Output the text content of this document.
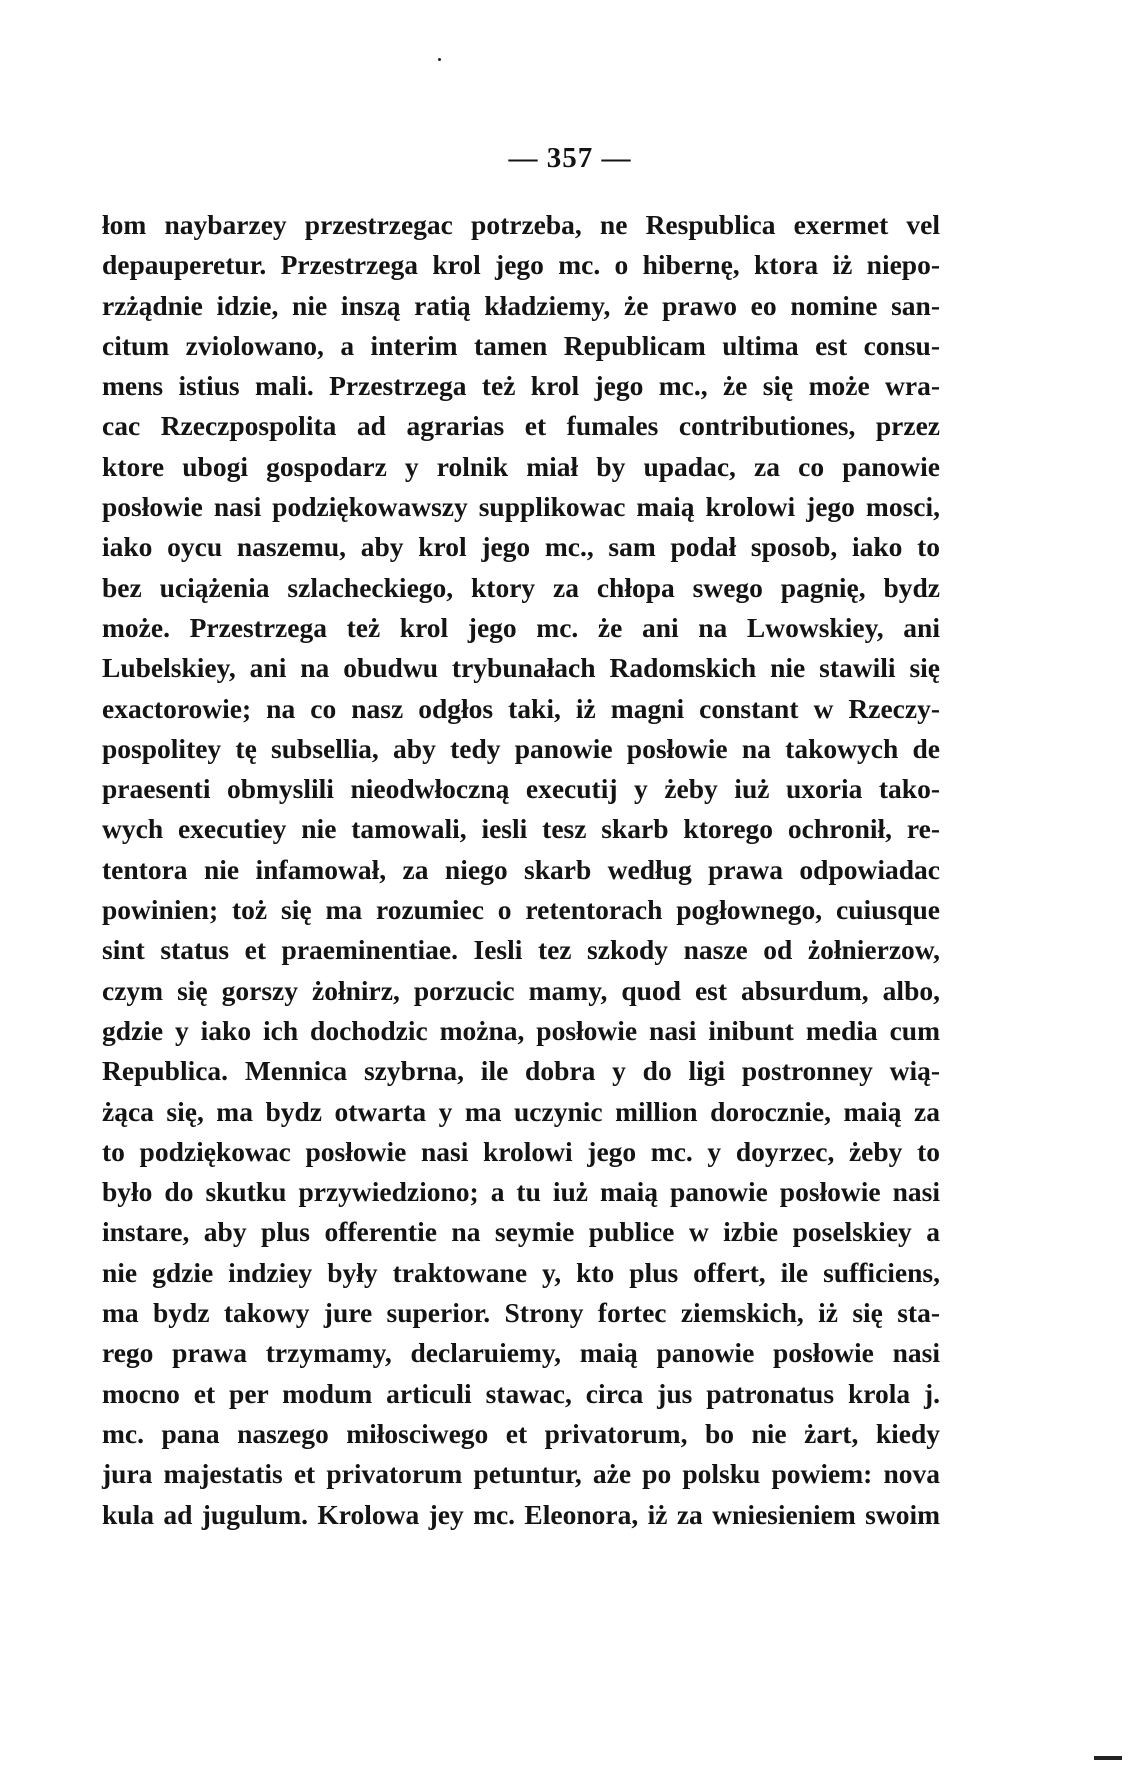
— 357 —
łom naybarzey przestrzegac potrzeba, ne Respublica exermet vel
depauperetur. Przestrzega krol jego mc. o hibernę, ktora iż niepo-
rzżądnie idzie, nie inszą ratią kładziemy, że prawo eo nomine san-
citum zviolowano, a interim tamen Republicam ultima est consu-
mens istius mali. Przestrzega też krol jego mc., że się może wra-
cac Rzeczpospolita ad agrarias et fumales contributiones, przez
ktore ubogi gospodarz y rolnik miał by upadac, za co panowie
posłowie nasi podziękowawszy supplikowac maią krolowi jego mosci,
iako oycu naszemu, aby krol jego mc., sam podał sposob, iako to
bez uciążenia szlacheckiego, ktory za chłopa swego pagnię, bydz
może. Przestrzega też krol jego mc. że ani na Lwowskiey, ani
Lubelskiey, ani na obudwu trybunałach Radomskich nie stawili się
exactorowie; na co nasz odgłos taki, iż magni constant w Rzeczy-
pospolitey tę subsellia, aby tedy panowie posłowie na takowych de
praesenti obmyslili nieodwłoczną executij y żeby iuż uxoria tako-
wych executiey nie tamowali, iesli tesz skarb ktorego ochronił, re-
tentora nie infamował, za niego skarb według prawa odpowiadac
powinien; toż się ma rozumiec o retentorach pogłownego, cuiusque
sint status et praeminentiae. Iesli tez szkody nasze od żołnierzow,
czym się gorszy żołnirz, porzucic mamy, quod est absurdum, albo,
gdzie y iako ich dochodzic można, posłowie nasi inibunt media cum
Republica. Mennica szybrna, ile dobra y do ligi postronney wią-
żąca się, ma bydz otwarta y ma uczynic million dorocznie, maią za
to podziękowac posłowie nasi krolowi jego mc. y doyrzec, żeby to
było do skutku przywiedziono; a tu iuż maią panowie posłowie nasi
instare, aby plus offerentie na seymie publice w izbie poselskiey a
nie gdzie indziey były traktowane y, kto plus offert, ile sufficiens,
ma bydz takowy jure superior. Strony fortec ziemskich, iż się sta-
rego prawa trzymamy, declaruiemy, maią panowie posłowie nasi
mocno et per modum articuli stawac, circa jus patronatus krola j.
mc. pana naszego miłosciwego et privatorum, bo nie żart, kiedy
jura majestatis et privatorum petuntur, aże po polsku powiem: nova
kula ad jugulum. Krolowa jey mc. Eleonora, iż za wniesieniem swoim
